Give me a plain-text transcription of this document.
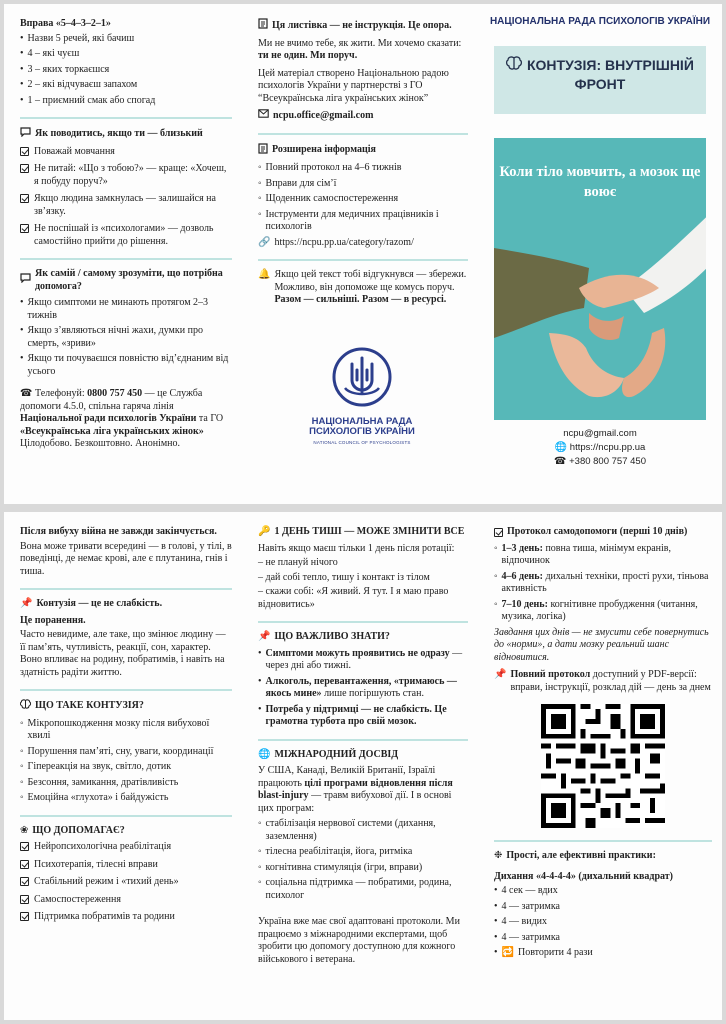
Вправа «5–4–3–2–1»
• Назви 5 речей, які бачиш
• 4 – які чуєш
• 3 – яких торкаєшся
• 2 – які відчуваєш запахом
• 1 – приємний смак або спогад
Як поводитись, якщо ти — близький
Поважай мовчання
Не питай: «Що з тобою?» — краще: «Хочеш, я побуду поруч?»
Якщо людина замкнулась — залишайся на зв’язку.
Не поспішай із «психологами» — дозволь самостійно прийти до рішення.
Як самій / самому зрозуміти, що потрібна допомога?
• Якщо симптоми не минають протягом 2–3 тижнів
• Якщо з’являються нічні жахи, думки про смерть, «зриви»
• Якщо ти почуваєшся повністю від’єднаним від усього
☎ Телефонуй: 0800 757 450 — це Служба допомоги 4.5.0, спільна гаряча лінія Національної ради психологів України та ГО «Всеукраїнська ліга українських жінок»
Цілодобово. Безкоштовно. Анонімно.
Ця листівка — не інструкція. Це опора.
Ми не вчимо тебе, як жити. Ми хочемо сказати:
ти не один. Ми поруч.
Цей матеріал створено Національною радою психологів України у партнерстві з ГО “Всеукраїнська ліга українських жінок”
ncpu.office@gmail.com
Розширена інформація
◦ Повний протокол на 4–6 тижнів
◦ Вправи для сім’ї
◦ Щоденник самоспостереження
◦ Інструменти для медичних працівників і психологів
🔗 https://ncpu.pp.ua/category/razom/
🔔 Якщо цей текст тобі відгукнувся — збережи. Можливо, він допоможе ще комусь поруч. Разом — сильніші. Разом — в ресурсі.
НАЦІОНАЛЬНА РАДА ПСИХОЛОГІВ УКРАЇНИ
NATIONAL COUNCIL OF PSYCHOLOGISTS
НАЦІОНАЛЬНА РАДА ПСИХОЛОГІВ УКРАЇНИ
КОНТУЗІЯ: ВНУТРІШНІЙ ФРОНТ
Коли тіло мовчить, а мозок ще воює
ncpu@gmail.com
🌐 https://ncpu.pp.ua
☎ +380 800 757 450
Після вибуху війна не завжди закінчується.

Вона може тривати всередині — в голові, у тілі, в поведінці, де немає крові, але є плутанина, гнів і тиша.

📌 Контузія — це не слабкість.
Це поранення.

Часто невидиме, але таке, що змінює людину — її пам’ять, чутливість, реакції, сон, характер. Воно впливає на родину, побратимів, і навіть на здатність радіти життю.

ЩО ТАКЕ КОНТУЗІЯ?
◦ Мікропошкодження мозку після вибухової хвилі
◦ Порушення пам’яті, сну, уваги, координації
◦ Гіпереакція на звук, світло, дотик
◦ Безсоння, замикання, дратівливість
◦ Емоційна «глухота» і байдужість
❀ ЩО ДОПОМАГАЄ?
Нейропсихологічна реабілітація
Психотерапія, тілесні вправи
Стабільний режим і «тихий день»
Самоспостереження
Підтримка побратимів та родини
🔑 1 ДЕНЬ ТИШІ — МОЖЕ ЗМІНИТИ ВСЕ
Навіть якщо маєш тільки 1 день після ротації:
– не плануй нічого
– дай собі тепло, тишу і контакт із тілом
– скажи собі: «Я живий. Я тут. І я маю право відновитись»
📌 ЩО ВАЖЛИВО ЗНАТИ?
• Симптоми можуть проявитись не одразу — через дні або тижні.
• Алкоголь, перевантаження, «тримаюсь — якось мине» лише погіршують стан.
• Потреба у підтримці — не слабкість. Це грамотна турбота про свій мозок.
🌐 МІЖНАРОДНИЙ ДОСВІД
У США, Канаді, Великій Британії, Ізраїлі працюють цілі програми відновлення після blast-injury — травм вибухової дії. І в основі цих програм:
◦ стабілізація нервової системи (дихання, заземлення)
◦ тілесна реабілітація, йога, ритміка
◦ когнітивна стимуляція (ігри, вправи)
◦ соціальна підтримка — побратими, родина, психолог

Україна вже має свої адаптовані протоколи. Ми працюємо з міжнародними експертами, щоб зробити цю допомогу доступною для кожного військового і ветерана.

Протокол самодопомоги (перші 10 днів)
◦ 1–3 день: повна тиша, мінімум екранів, відпочинок
◦ 4–6 день: дихальні техніки, прості рухи, тіньова активність
◦ 7–10 день: когнітивне пробудження (читання, музика, логіка)

Завдання цих днів — не змусити себе повернутись до «норми», а дати мозку реальний шанс відновитися.

📌 Повний протокол доступний у PDF-версії: вправи, інструкції, розклад дій — день за днем
❉ Прості, але ефективні практики:
Дихання «4-4-4-4» (дихальний квадрат)
• 4 сек — вдих
• 4 — затримка
• 4 — видих
• 4 — затримка
• 🔁 Повторити 4 рази
